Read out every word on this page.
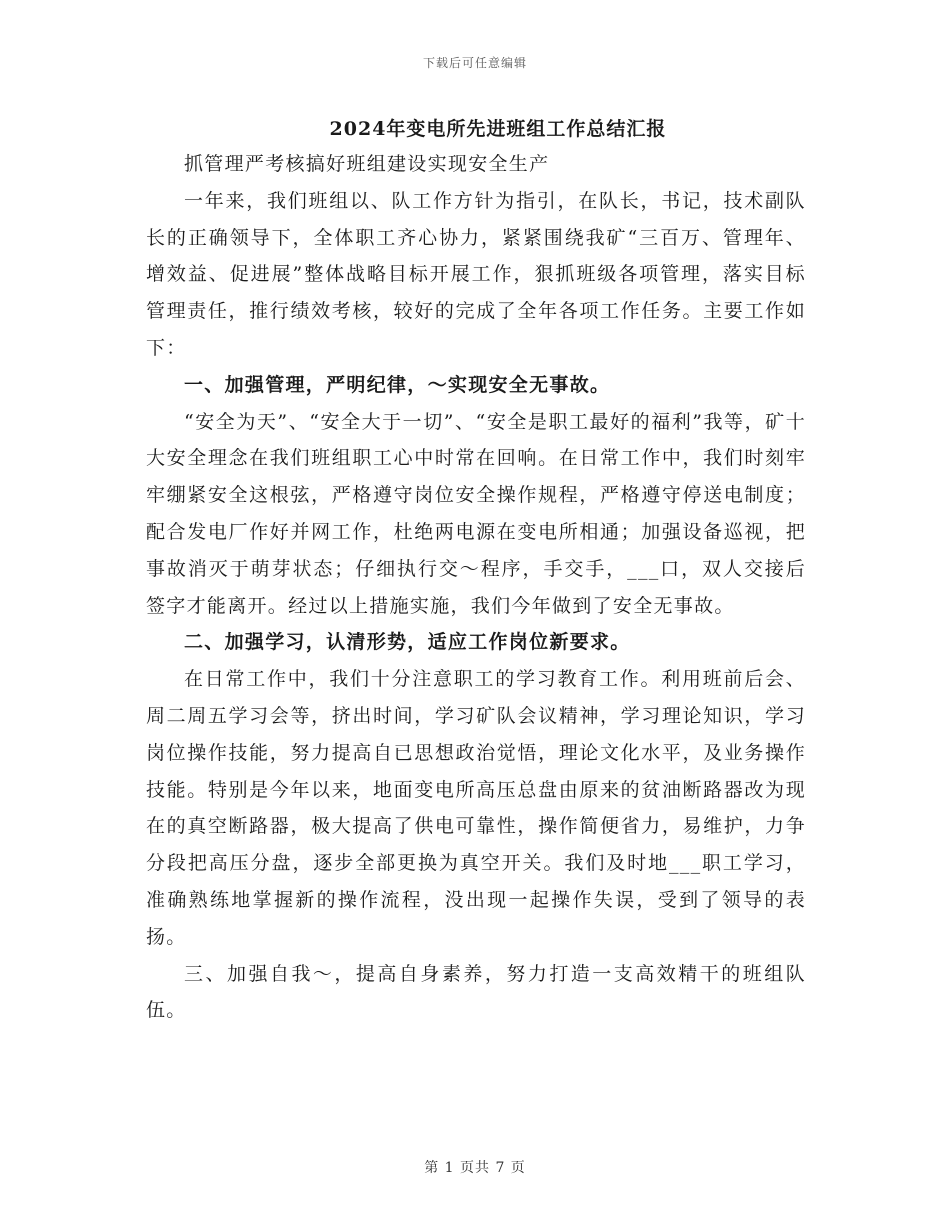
下载后可任意编辑
2024年变电所先进班组工作总结汇报

抓管理严考核搞好班组建设实现安全生产

一年来，我们班组以、队工作方针为指引，在队长，书记，技术副队长的正确领导下，全体职工齐心协力，紧紧围绕我矿“三百万、管理年、增效益、促进展”整体战略目标开展工作，狠抓班级各项管理，落实目标管理责任，推行绩效考核，较好的完成了全年各项工作任务。主要工作如下：

一、加强管理，严明纪律，～实现安全无事故。

“安全为天”、“安全大于一切”、“安全是职工最好的福利”我等，矿十大安全理念在我们班组职工心中时常在回响。在日常工作中，我们时刻牢牢绷紧安全这根弦，严格遵守岗位安全操作规程，严格遵守停送电制度；配合发电厂作好并网工作，杜绝两电源在变电所相通；加强设备巡视，把事故消灭于萌芽状态；仔细执行交～程序，手交手，___口，双人交接后签字才能离开。经过以上措施实施，我们今年做到了安全无事故。

二、加强学习，认清形势，适应工作岗位新要求。

在日常工作中，我们十分注意职工的学习教育工作。利用班前后会、周二周五学习会等，挤出时间，学习矿队会议精神，学习理论知识，学习岗位操作技能，努力提高自已思想政治觉悟，理论文化水平，及业务操作技能。特别是今年以来，地面变电所高压总盘由原来的贫油断路器改为现在的真空断路器，极大提高了供电可靠性，操作简便省力，易维护，力争分段把高压分盘，逐步全部更换为真空开关。我们及时地___职工学习，准确熟练地掌握新的操作流程，没出现一起操作失误，受到了领导的表扬。

三、加强自我～，提高自身素养，努力打造一支高效精干的班组队伍。

第 1 页共 7 页
